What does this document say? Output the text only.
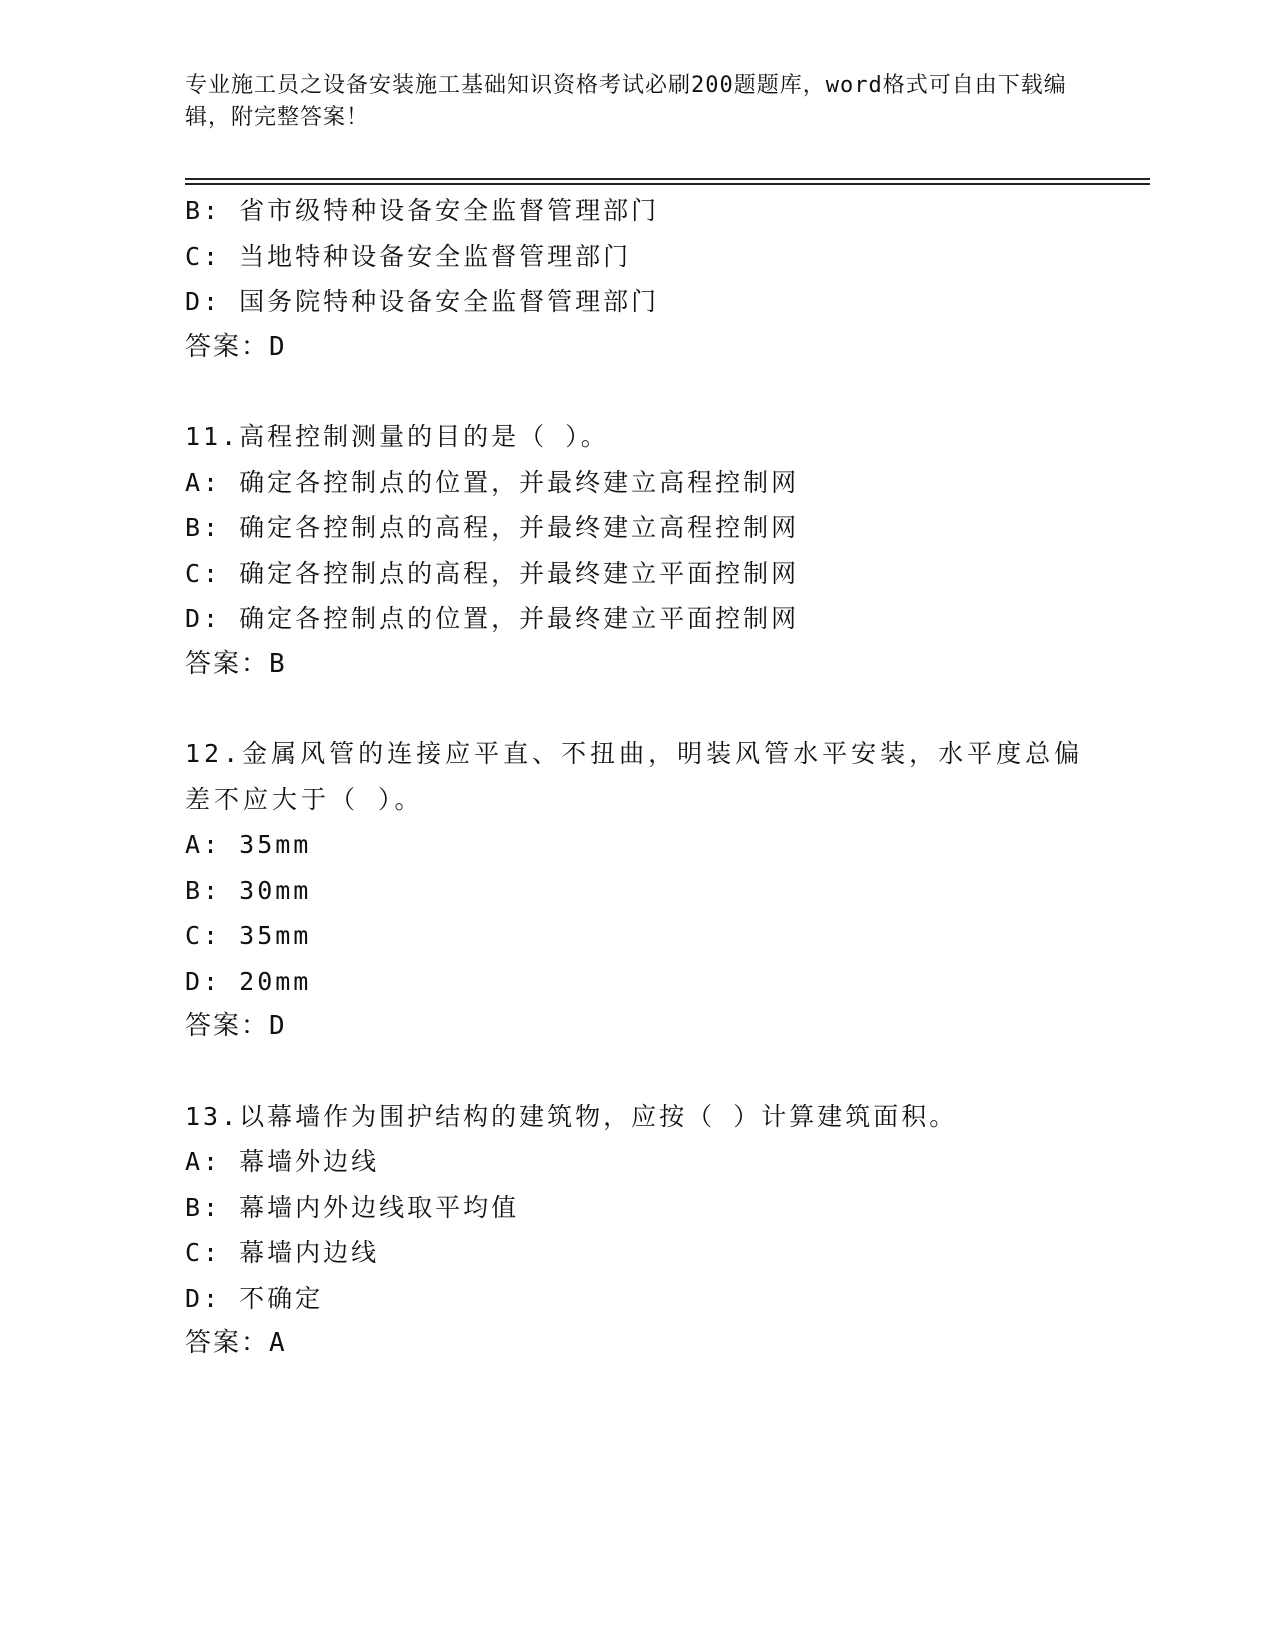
专业施工员之设备安装施工基础知识资格考试必刷200题题库，word格式可自由下载编辑，附完整答案！
B: 省市级特种设备安全监督管理部门
C: 当地特种设备安全监督管理部门
D: 国务院特种设备安全监督管理部门
答案：D
11.高程控制测量的目的是（ ）。
A: 确定各控制点的位置，并最终建立高程控制网
B: 确定各控制点的高程，并最终建立高程控制网
C: 确定各控制点的高程，并最终建立平面控制网
D: 确定各控制点的位置，并最终建立平面控制网
答案：B
12.金属风管的连接应平直、不扭曲，明装风管水平安装，水平度总偏差不应大于（ ）。
A: 35mm
B: 30mm
C: 35mm
D: 20mm
答案：D
13.以幕墙作为围护结构的建筑物，应按（ ）计算建筑面积。
A: 幕墙外边线
B: 幕墙内外边线取平均值
C: 幕墙内边线
D: 不确定
答案：A
